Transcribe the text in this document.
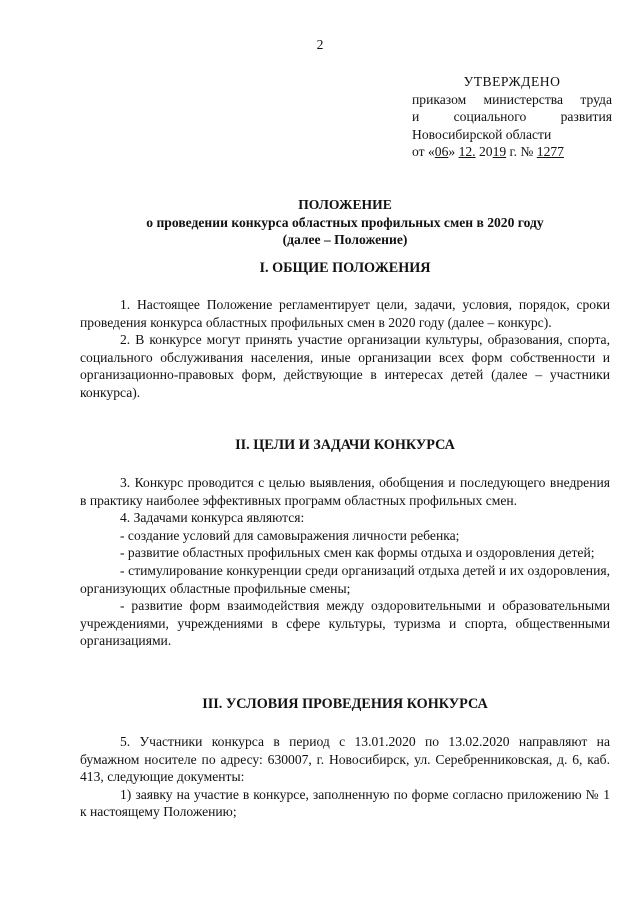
2
УТВЕРЖДЕНО
приказом министерства труда
и социального развития
Новосибирской области
от «06» 12. 2019 г. № 1277
ПОЛОЖЕНИЕ
о проведении конкурса областных профильных смен в 2020 году
(далее – Положение)
I. ОБЩИЕ ПОЛОЖЕНИЯ

1. Настоящее Положение регламентирует цели, задачи, условия, порядок, сроки проведения конкурса областных профильных смен в 2020 году (далее – конкурс).

2. В конкурсе могут принять участие организации культуры, образования, спорта, социального обслуживания населения, иные организации всех форм собственности и организационно-правовых форм, действующие в интересах детей (далее – участники конкурса).

II. ЦЕЛИ И ЗАДАЧИ КОНКУРСА

3. Конкурс проводится с целью выявления, обобщения и последующего внедрения в практику наиболее эффективных программ областных профильных смен.

4. Задачами конкурса являются:

- создание условий для самовыражения личности ребенка;

- развитие областных профильных смен как формы отдыха и оздоровления детей;

- стимулирование конкуренции среди организаций отдыха детей и их оздоровления, организующих областные профильные смены;

- развитие форм взаимодействия между оздоровительными и образовательными учреждениями, учреждениями в сфере культуры, туризма и спорта, общественными организациями.

III. УСЛОВИЯ ПРОВЕДЕНИЯ КОНКУРСА

5. Участники конкурса в период с 13.01.2020 по 13.02.2020 направляют на бумажном носителе по адресу: 630007, г. Новосибирск, ул. Серебренниковская, д. 6, каб. 413, следующие документы:

1) заявку на участие в конкурсе, заполненную по форме согласно приложению № 1 к настоящему Положению;
